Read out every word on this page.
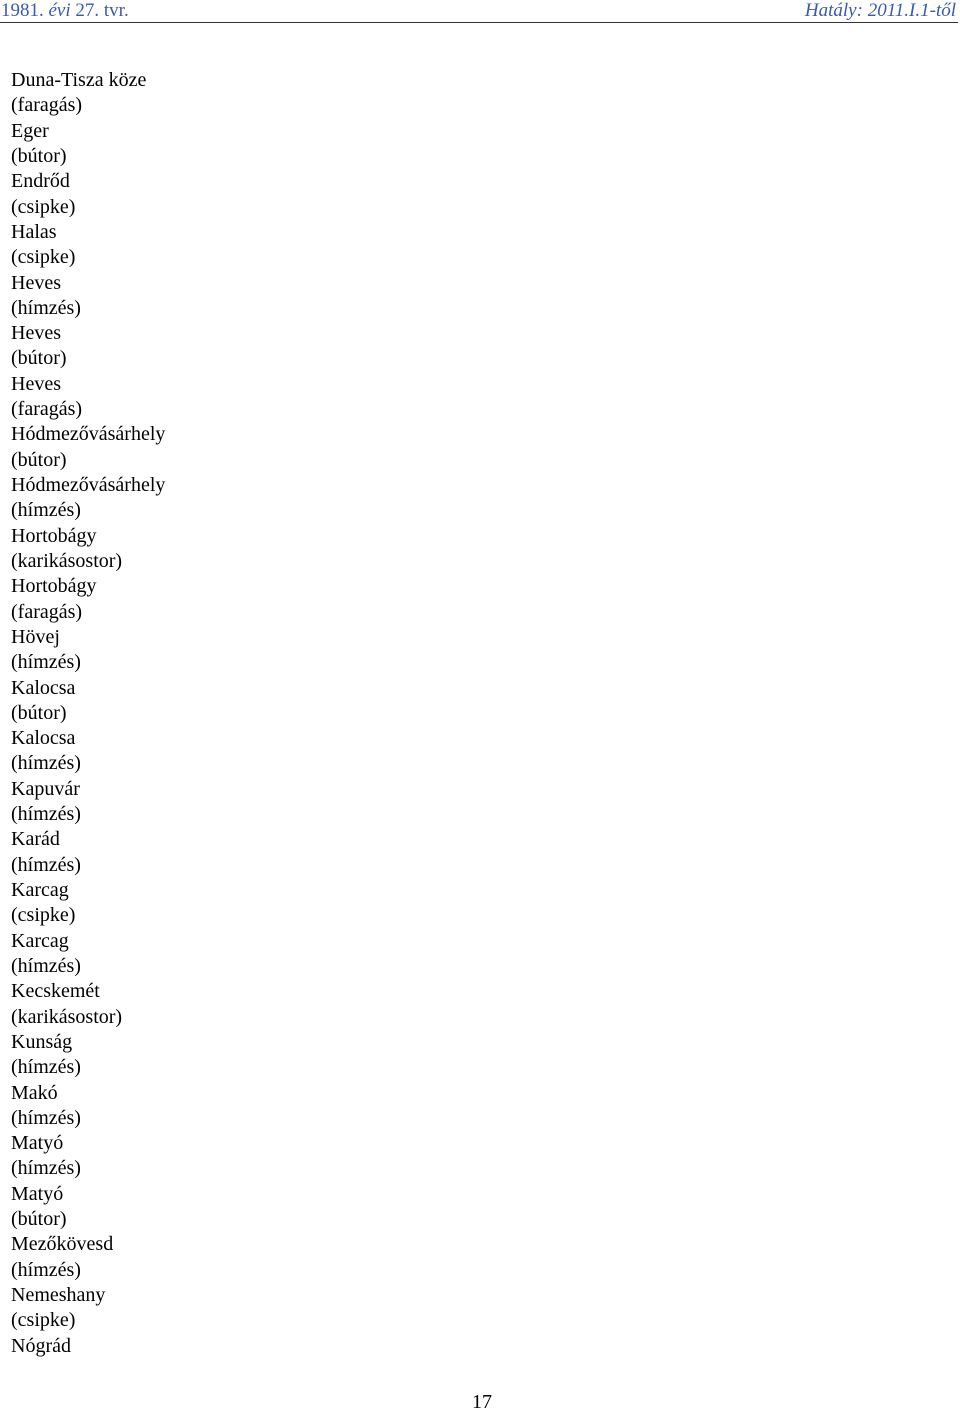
1981. évi 27. tvr.	Hatály: 2011.I.1-től
Duna-Tisza köze
(faragás)
Eger
(bútor)
Endrőd
(csipke)
Halas
(csipke)
Heves
(hímzés)
Heves
(bútor)
Heves
(faragás)
Hódmezővásárhely
(bútor)
Hódmezővásárhely
(hímzés)
Hortobágy
(karikásostor)
Hortobágy
(faragás)
Hövej
(hímzés)
Kalocsa
(bútor)
Kalocsa
(hímzés)
Kapuvár
(hímzés)
Karád
(hímzés)
Karcag
(csipke)
Karcag
(hímzés)
Kecskemét
(karikásostor)
Kunság
(hímzés)
Makó
(hímzés)
Matyó
(hímzés)
Matyó
(bútor)
Mezőkövesd
(hímzés)
Nemeshany
(csipke)
Nógrád
17
